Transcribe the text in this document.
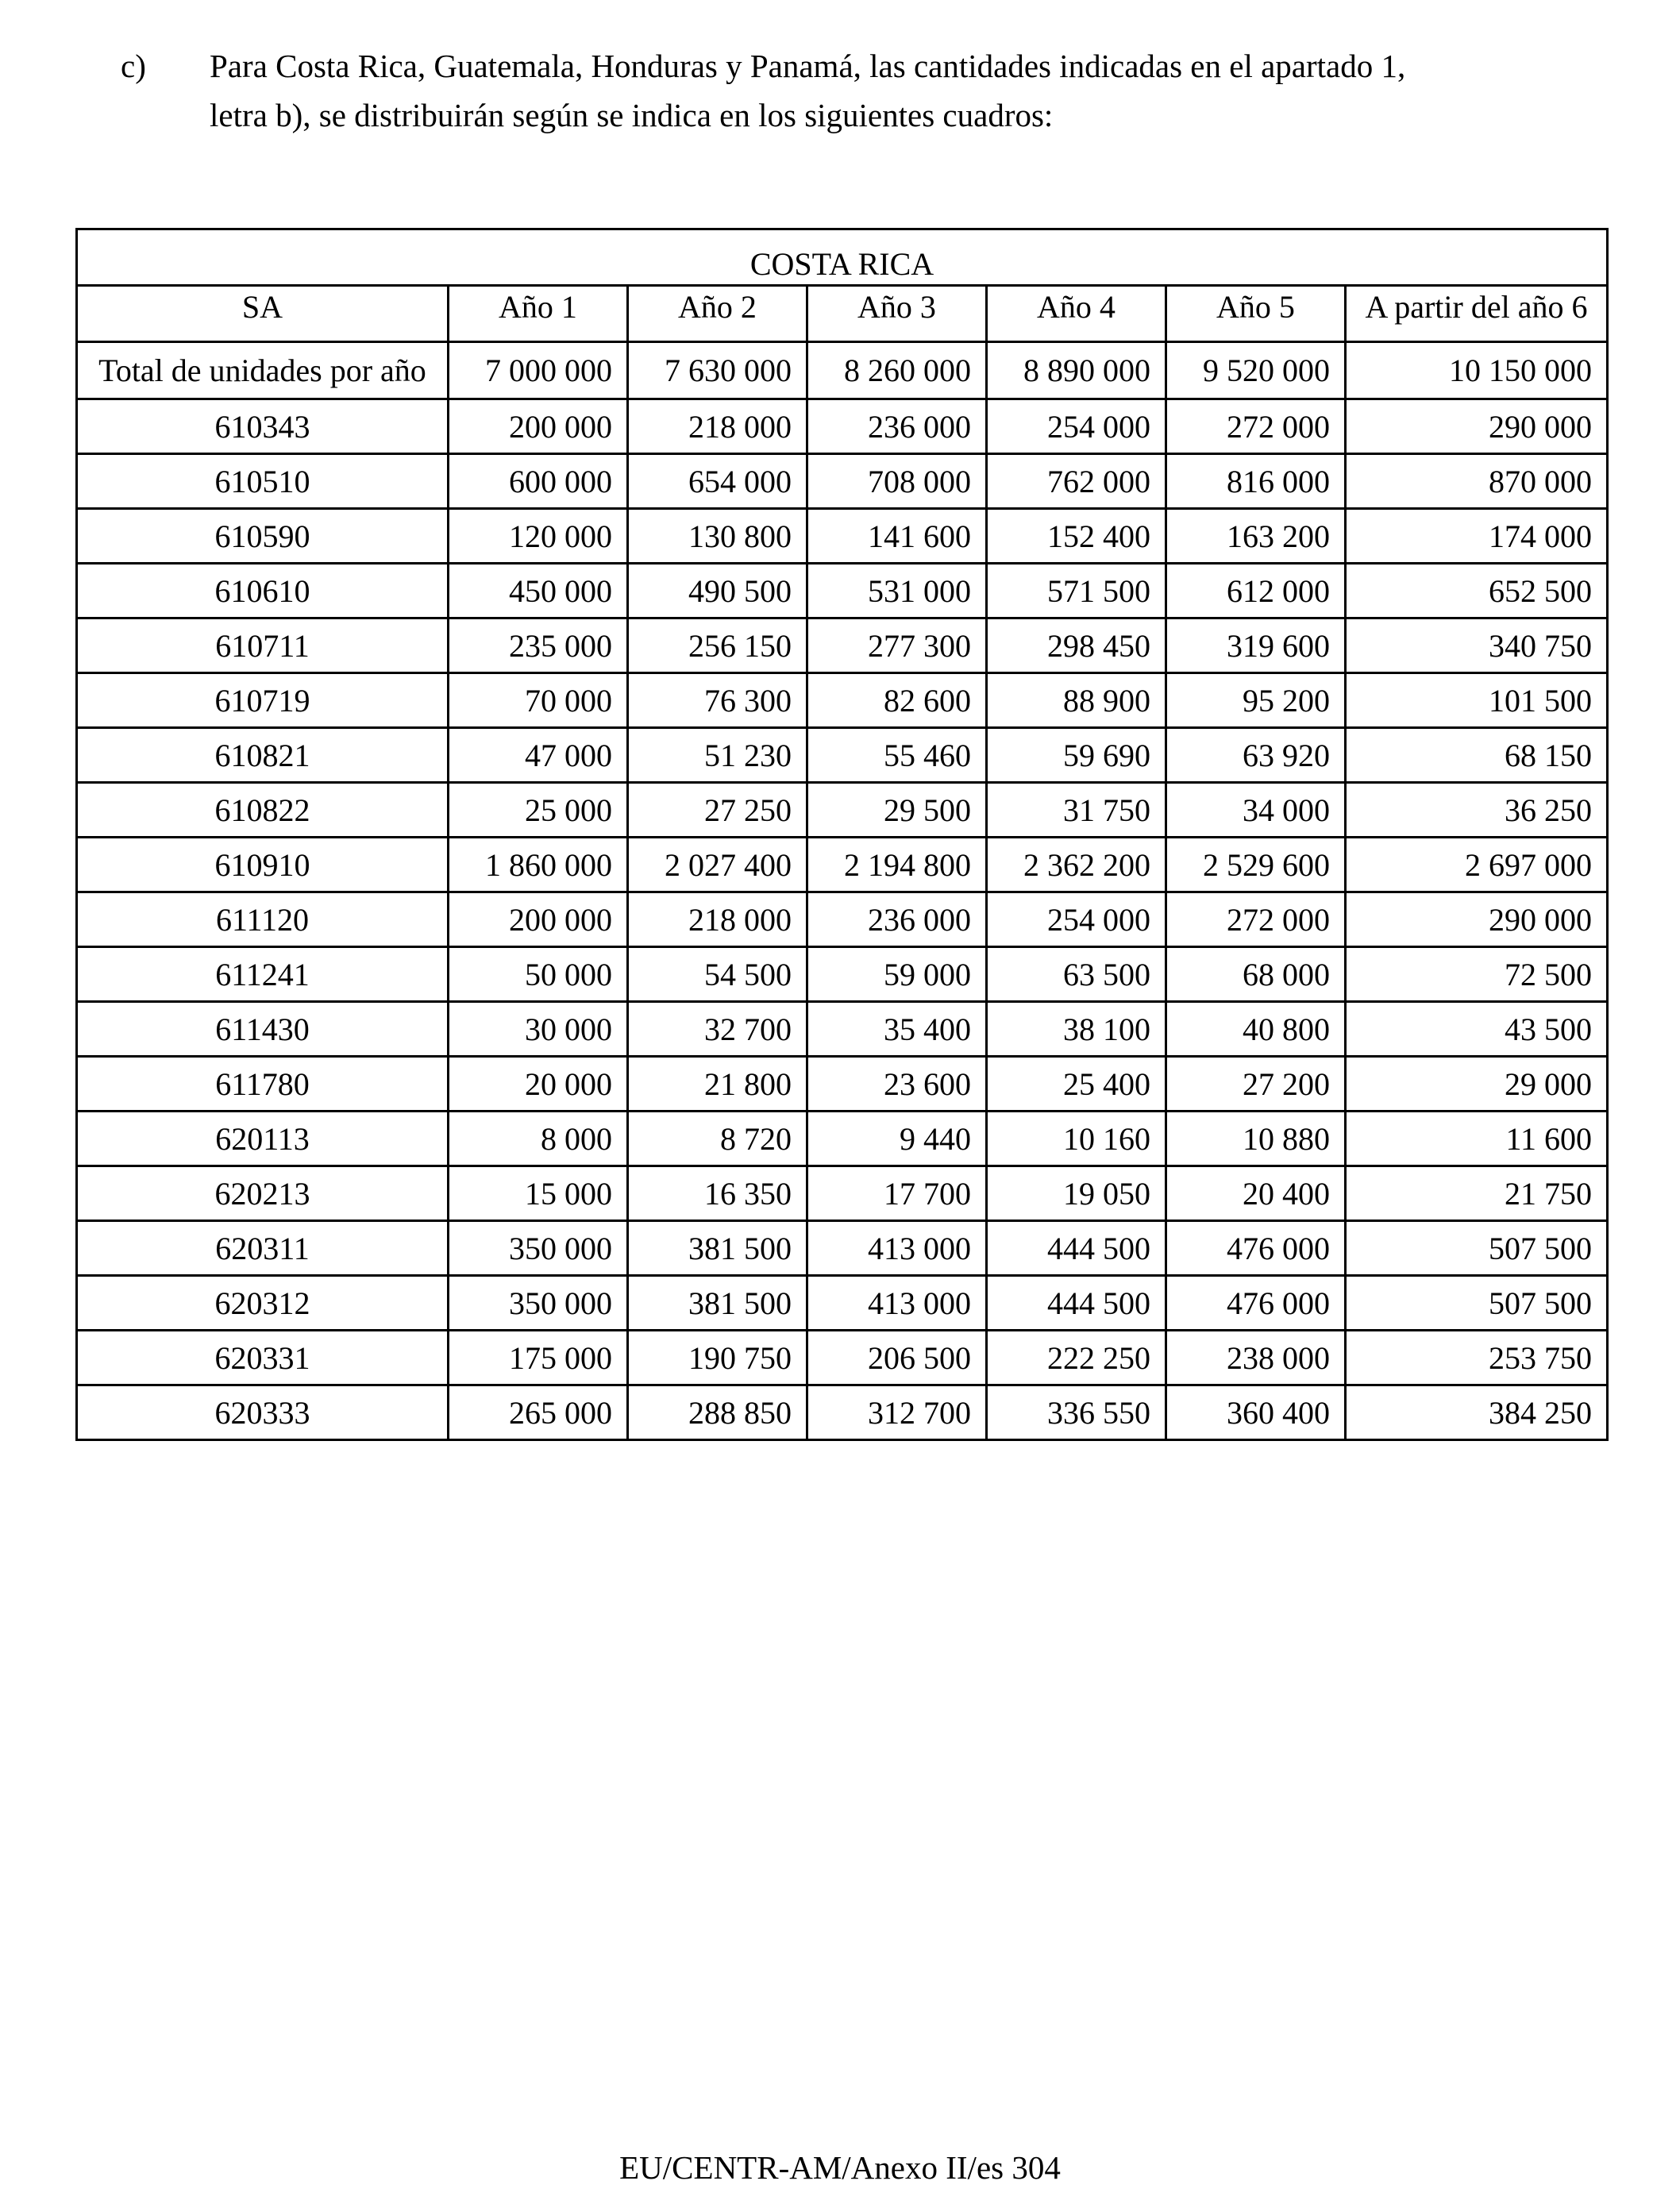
c) Para Costa Rica, Guatemala, Honduras y Panamá, las cantidades indicadas en el apartado 1,
letra b), se distribuirán según se indica en los siguientes cuadros:
COSTA RICA						
SA	Año 1	Año 2	Año 3	Año 4	Año 5	A partir del año 6
Total de unidades por año	7 000 000	7 630 000	8 260 000	8 890 000	9 520 000	10 150 000
610343	200 000	218 000	236 000	254 000	272 000	290 000
610510	600 000	654 000	708 000	762 000	816 000	870 000
610590	120 000	130 800	141 600	152 400	163 200	174 000
610610	450 000	490 500	531 000	571 500	612 000	652 500
610711	235 000	256 150	277 300	298 450	319 600	340 750
610719	70 000	76 300	82 600	88 900	95 200	101 500
610821	47 000	51 230	55 460	59 690	63 920	68 150
610822	25 000	27 250	29 500	31 750	34 000	36 250
610910	1 860 000	2 027 400	2 194 800	2 362 200	2 529 600	2 697 000
611120	200 000	218 000	236 000	254 000	272 000	290 000
611241	50 000	54 500	59 000	63 500	68 000	72 500
611430	30 000	32 700	35 400	38 100	40 800	43 500
611780	20 000	21 800	23 600	25 400	27 200	29 000
620113	8 000	8 720	9 440	10 160	10 880	11 600
620213	15 000	16 350	17 700	19 050	20 400	21 750
620311	350 000	381 500	413 000	444 500	476 000	507 500
620312	350 000	381 500	413 000	444 500	476 000	507 500
620331	175 000	190 750	206 500	222 250	238 000	253 750
620333	265 000	288 850	312 700	336 550	360 400	384 250
EU/CENTR-AM/Anexo II/es 304
